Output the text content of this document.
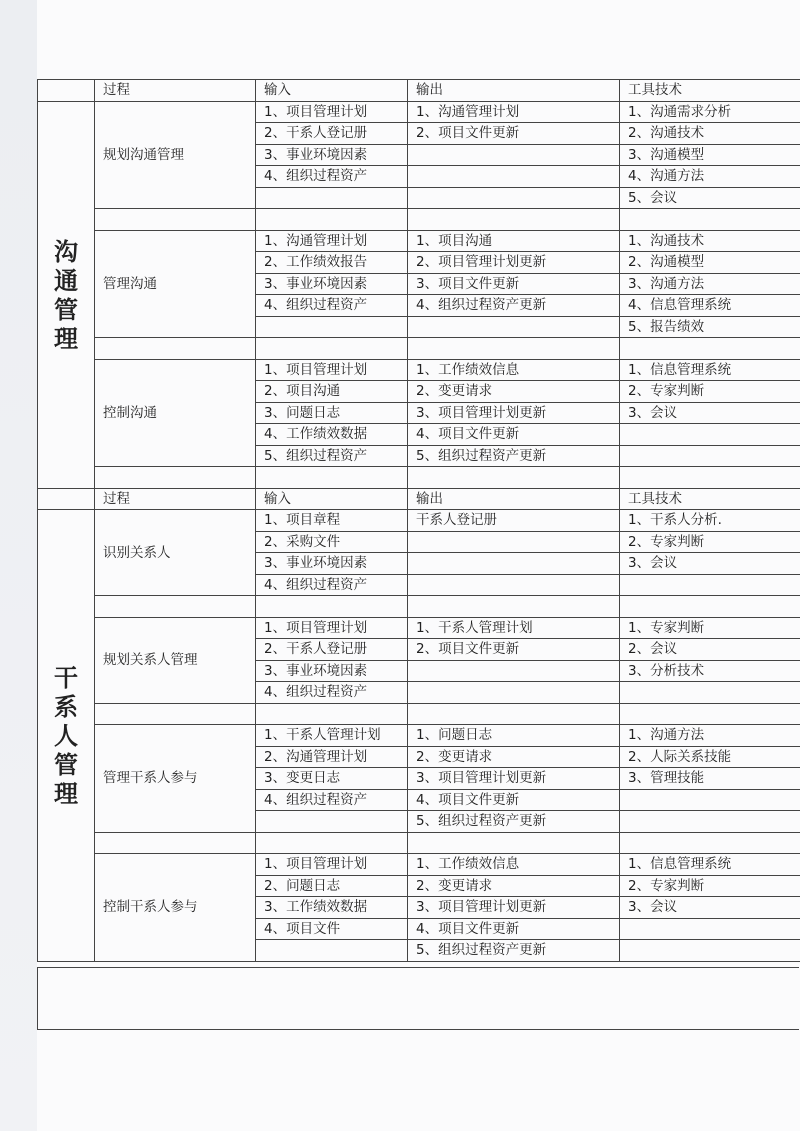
	过程	输入	输出	工具技术

沟通管理	规划沟通管理	1、项目管理计划	1、沟通管理计划	1、沟通需求分析
		2、干系人登记册	2、项目文件更新	2、沟通技术
		3、事业环境因素		3、沟通模型
		4、组织过程资产		4、沟通方法
				5、会议

	管理沟通	1、沟通管理计划	1、项目沟通	1、沟通技术
		2、工作绩效报告	2、项目管理计划更新	2、沟通模型
		3、事业环境因素	3、项目文件更新	3、沟通方法
		4、组织过程资产	4、组织过程资产更新	4、信息管理系统
				5、报告绩效

	控制沟通	1、项目管理计划	1、工作绩效信息	1、信息管理系统
		2、项目沟通	2、变更请求	2、专家判断
		3、问题日志	3、项目管理计划更新	3、会议
		4、工作绩效数据	4、项目文件更新	
		5、组织过程资产	5、组织过程资产更新	

	过程	输入	输出	工具技术

干系人管理	识别关系人	1、项目章程	干系人登记册	1、干系人分析.
		2、采购文件		2、专家判断
		3、事业环境因素		3、会议
		4、组织过程资产		

	规划关系人管理	1、项目管理计划	1、干系人管理计划	1、专家判断
		2、干系人登记册	2、项目文件更新	2、会议
		3、事业环境因素		3、分析技术
		4、组织过程资产		

	管理干系人参与	1、干系人管理计划	1、问题日志	1、沟通方法
		2、沟通管理计划	2、变更请求	2、人际关系技能
		3、变更日志	3、项目管理计划更新	3、管理技能
		4、组织过程资产	4、项目文件更新	
			5、组织过程资产更新	

	控制干系人参与	1、项目管理计划	1、工作绩效信息	1、信息管理系统
		2、问题日志	2、变更请求	2、专家判断
		3、工作绩效数据	3、项目管理计划更新	3、会议
		4、项目文件	4、项目文件更新	
			5、组织过程资产更新	
